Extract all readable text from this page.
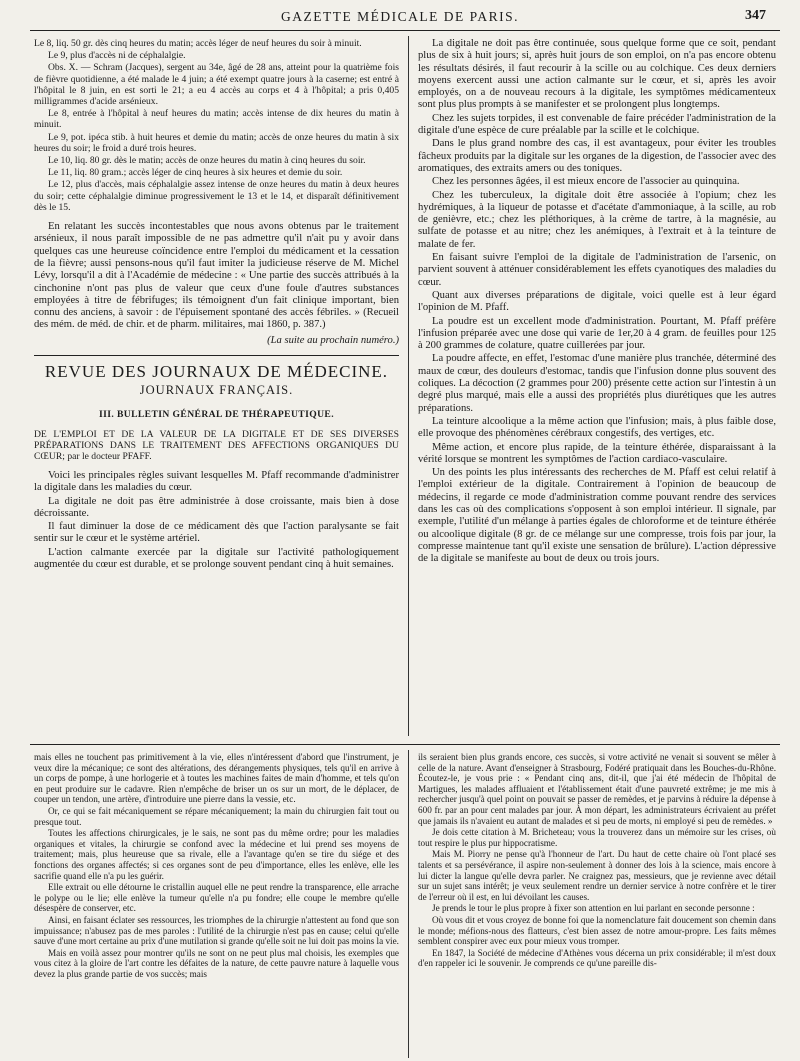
GAZETTE MÉDICALE DE PARIS.	347

Le 8, liq. 50 gr. dès cinq heures du matin; accès léger de neuf heures du soir à minuit.

Le 9, plus d'accès ni de céphalalgie.

Obs. X. — Schram (Jacques), sergent au 34e, âgé de 28 ans, atteint pour la quatrième fois de fièvre quotidienne, a été malade le 4 juin; a été exempt quatre jours à la caserne; est entré à l'hôpital le 8 juin, en est sorti le 21; a eu 4 accès au corps et 4 à l'hôpital; a pris 0,405 milligrammes d'acide arsénieux.

Le 8, entrée à l'hôpital à neuf heures du matin; accès intense de dix heures du matin à minuit.

Le 9, pot. ipéca stib. à huit heures et demie du matin; accès de onze heures du matin à six heures du soir; le froid a duré trois heures.

Le 10, liq. 80 gr. dès le matin; accès de onze heures du matin à cinq heures du soir.

Le 11, liq. 80 gram.; accès léger de cinq heures à six heures et demie du soir.

Le 12, plus d'accès, mais céphalalgie assez intense de onze heures du matin à deux heures du soir; cette céphalalgie diminue progressivement le 13 et le 14, et disparaît définitivement dès le 15.

En relatant les succès incontestables que nous avons obtenus par le traitement arsénieux, il nous paraît impossible de ne pas admettre qu'il n'ait pu y avoir dans quelques cas une heureuse coïncidence entre l'emploi du médicament et la cessation de la fièvre; aussi pensons-nous qu'il faut imiter la judicieuse réserve de M. Michel Lévy, lorsqu'il a dit à l'Académie de médecine : « Une partie des succès attribués à la cinchonine n'ont pas plus de valeur que ceux d'une foule d'autres substances employées à titre de fébrifuges; ils témoignent d'un fait clinique important, bien connu des anciens, à savoir : de l'épuisement spontané des accès fébriles. » (Recueil des mém. de méd. de chir. et de pharm. militaires, mai 1860, p. 387.)

(La suite au prochain numéro.)
REVUE DES JOURNAUX DE MÉDECINE.
JOURNAUX FRANÇAIS.
III. BULLETIN GÉNÉRAL DE THÉRAPEUTIQUE.

DE L'EMPLOI ET DE LA VALEUR DE LA DIGITALE ET DE SES DIVERSES PRÉPARATIONS DANS LE TRAITEMENT DES AFFECTIONS ORGANIQUES DU CŒUR; par le docteur PFAFF.

Voici les principales règles suivant lesquelles M. Pfaff recommande d'administrer la digitale dans les maladies du cœur.

La digitale ne doit pas être administrée à dose croissante, mais bien à dose décroissante.

Il faut diminuer la dose de ce médicament dès que l'action paralysante se fait sentir sur le cœur et le système artériel.

L'action calmante exercée par la digitale sur l'activité pathologiquement augmentée du cœur est durable, et se prolonge souvent pendant cinq à huit semaines.

La digitale ne doit pas être continuée, sous quelque forme que ce soit, pendant plus de six à huit jours; si, après huit jours de son emploi, on n'a pas encore obtenu les résultats désirés, il faut recourir à la scille ou au colchique. Ces deux derniers moyens exercent aussi une action calmante sur le cœur, et si, après les avoir employés, on a de nouveau recours à la digitale, les symptômes médicamenteux sont plus plus prompts à se manifester et se prolongent plus longtemps.

Chez les sujets torpides, il est convenable de faire précéder l'administration de la digitale d'une espèce de cure préalable par la scille et le colchique.

Dans le plus grand nombre des cas, il est avantageux, pour éviter les troubles fâcheux produits par la digitale sur les organes de la digestion, de l'associer avec des aromatiques, des extraits amers ou des toniques.

Chez les personnes âgées, il est mieux encore de l'associer au quinquina.

Chez les tuberculeux, la digitale doit être associée à l'opium; chez les hydrémiques, à la liqueur de potasse et d'acétate d'ammoniaque, à la scille, au rob de genièvre, etc.; chez les pléthoriques, à la crème de tartre, à la magnésie, au sulfate de potasse et au nitre; chez les anémiques, à l'extrait et à la teinture de malate de fer.

En faisant suivre l'emploi de la digitale de l'administration de l'arsenic, on parvient souvent à atténuer considérablement les effets cyanotiques des maladies du cœur.

Quant aux diverses préparations de digitale, voici quelle est à leur égard l'opinion de M. Pfaff.

La poudre est un excellent mode d'administration. Pourtant, M. Pfaff préfère l'infusion préparée avec une dose qui varie de 1er,20 à 4 gram. de feuilles pour 125 à 200 grammes de colature, quatre cuillerées par jour.

La poudre affecte, en effet, l'estomac d'une manière plus tranchée, déterminé des maux de cœur, des douleurs d'estomac, tandis que l'infusion donne plus souvent des coliques. La décoction (2 grammes pour 200) présente cette action sur l'intestin à un degré plus marqué, mais elle a aussi des propriétés plus diurétiques que les autres préparations.

La teinture alcoolique a la même action que l'infusion; mais, à plus faible dose, elle provoque des phénomènes cérébraux congestifs, des vertiges, etc.

Même action, et encore plus rapide, de la teinture éthérée, disparaissant à la vérité lorsque se montrent les symptômes de l'action cardiaco-vasculaire.

Un des points les plus intéressants des recherches de M. Pfaff est celui relatif à l'emploi extérieur de la digitale. Contrairement à l'opinion de beaucoup de médecins, il regarde ce mode d'administration comme pouvant rendre des services dans les cas où des complications s'opposent à son emploi intérieur. Il signale, par exemple, l'utilité d'un mélange à parties égales de chloroforme et de teinture éthérée ou alcoolique digitale (8 gr. de ce mélange sur une compresse, trois fois par jour, la compresse maintenue tant qu'il existe une sensation de brûlure). L'action dépressive de la digitale se manifeste au bout de deux ou trois jours.

mais elles ne touchent pas primitivement à la vie, elles n'intéressent d'abord que l'instrument, je veux dire la mécanique; ce sont des altérations, des dérangements physiques, tels qu'il en arrive à un corps de pompe, à une horlogerie et à toutes les machines faites de main d'homme, et tels qu'on en peut produire sur le cadavre. Rien n'empêche de briser un os sur un mort, de le déplacer, de couper un tendon, une artère, d'introduire une pierre dans la vessie, etc.

Or, ce qui se fait mécaniquement se répare mécaniquement; la main du chirurgien fait tout ou presque tout.

Toutes les affections chirurgicales, je le sais, ne sont pas du même ordre; pour les maladies organiques et vitales, la chirurgie se confond avec la médecine et lui prend ses moyens de traitement; mais, plus heureuse que sa rivale, elle a l'avantage qu'en se tire du siége et des fonctions des organes affectés; si ces organes sont de peu d'importance, elles les enlève, elle les sacrifie quand elle n'a pu les guérir.

Elle extrait ou elle détourne le cristallin auquel elle ne peut rendre la transparence, elle arrache le polype ou le lie; elle enlève la tumeur qu'elle n'a pu fondre; elle coupe le membre qu'elle désespère de conserver, etc.

Ainsi, en faisant éclater ses ressources, les triomphes de la chirurgie n'attestent au fond que son impuissance; n'abusez pas de mes paroles : l'utilité de la chirurgie n'est pas en cause; celui qu'elle sauve d'une mort certaine au prix d'une mutilation si grande qu'elle soit ne lui doit pas moins la vie.

Mais en voilà assez pour montrer qu'ils ne sont on ne peut plus mal choisis, les exemples que vous citez à la gloire de l'art contre les défaites de la nature, de cette pauvre nature à laquelle vous devez la plus grande partie de vos succès; mais

ils seraient bien plus grands encore, ces succès, si votre activité ne venait si souvent se mêler à celle de la nature. Avant d'enseigner à Strasbourg, Fodéré pratiquait dans les Bouches-du-Rhône. Écoutez-le, je vous prie : « Pendant cinq ans, dit-il, que j'ai été médecin de l'hôpital de Martigues, les malades affluaient et l'établissement était d'une pauvreté extrême; je me mis à rechercher jusqu'à quel point on pouvait se passer de remèdes, et je parvins à réduire la dépense à 600 fr. par an pour cent malades par jour. À mon départ, les administrateurs écrivaient au préfet que jamais ils n'avaient eu autant de malades et si peu de morts, ni employé si peu de remèdes. »

Je dois cette citation à M. Bricheteau; vous la trouverez dans un mémoire sur les crises, où tout respire le plus pur hippocratisme.

Mais M. Piorry ne pense qu'à l'honneur de l'art. Du haut de cette chaire où l'ont placé ses talents et sa persévérance, il aspire non-seulement à donner des lois à la science, mais encore à lui dicter la langue qu'elle devra parler. Ne craignez pas, messieurs, que je revienne avec détail sur un sujet sans intérêt; je veux seulement rendre un dernier service à notre confrère et le tirer de l'erreur où il est, en lui dévoilant les causes.

Je prends le tour le plus propre à fixer son attention en lui parlant en seconde personne :

Où vous dit et vous croyez de bonne foi que la nomenclature fait doucement son chemin dans le monde; méfions-nous des flatteurs, c'est bien assez de notre amour-propre. Les faits mêmes semblent conspirer avec eux pour mieux vous tromper.

En 1847, la Société de médecine d'Athènes vous décerna un prix considérable; il m'est doux d'en rappeler ici le souvenir. Je comprends ce qu'une pareille dis-
